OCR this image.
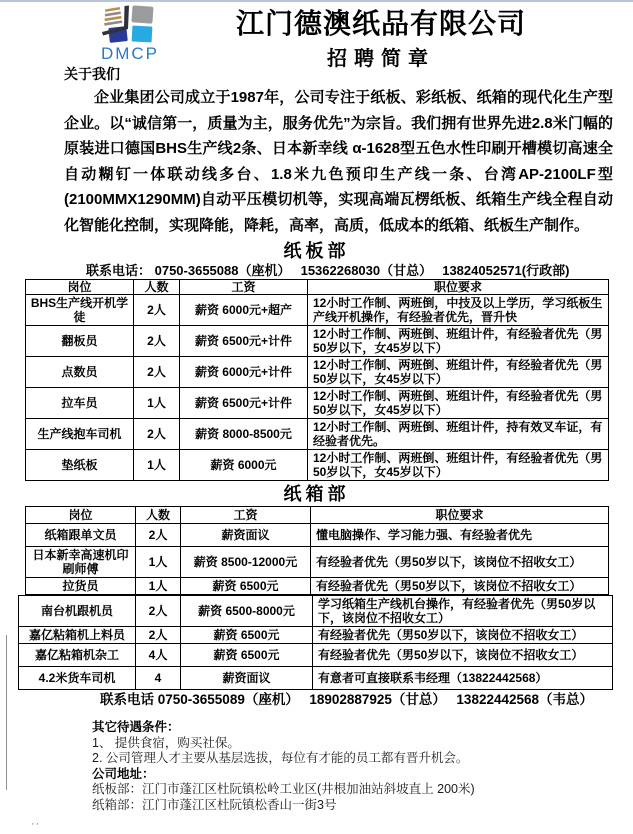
DMCP
江门德澳纸品有限公司
招聘简章
关于我们
企业集团公司成立于1987年，公司专注于纸板、彩纸板、纸箱的现代化生产型企业。以“诚信第一，质量为主，服务优先”为宗旨。我们拥有世界先进2.8米门幅的原装进口德国BHS生产线2条、日本新幸线 α-1628型五色水性印刷开槽模切高速全自动糊钉一体联动线多台、1.8米九色预印生产线一条、台湾AP-2100LF型(2100MMX1290MM)自动平压模切机等，实现高端瓦楞纸板、纸箱生产线全程自动化智能化控制，实现降能，降耗，高率，高质，低成本的纸箱、纸板生产制作。
纸板部
联系电话： 0750-3655088（座机）　 15362268030（甘总）　 13824052571(行政部)
岗位	人数	工资	职位要求
BHS生产线开机学徒	2人	薪资 6000元+超产	12小时工作制、两班倒，中技及以上学历，学习纸板生产线开机操作，有经验者优先，晋升快
翻板员	2人	薪资 6500元+计件	12小时工作制、两班倒、班组计件，有经验者优先（男50岁以下，女45岁以下）
点数员	2人	薪资 6000元+计件	12小时工作制、两班倒、班组计件，有经验者优先（男50岁以下，女45岁以下）
拉车员	1人	薪资 6500元+计件	12小时工作制、两班倒、班组计件，有经验者优先（男50岁以下，女45岁以下）
生产线抱车司机	2人	薪资 8000-8500元	12小时工作制、两班倒、班组计件，持有效叉车证，有经验者优先。
垫纸板	1人	薪资 6000元	12小时工作制、两班倒、班组计件，有经验者优先（男50岁以下，女45岁以下）
纸箱部
岗位	人数	工资	职位要求
纸箱跟单文员	2人	薪资面议	懂电脑操作、学习能力强、有经验者优先
日本新幸高速机印刷师傅	1人	薪资 8500-12000元	有经验者优先（男50岁以下，该岗位不招收女工）
拉货员	1人	薪资 6500元	有经验者优先（男50岁以下，该岗位不招收女工）
南台机跟机员	2人	薪资 6500-8000元	学习纸箱生产线机台操作，有经验者优先（男50岁以下，该岗位不招收女工）
嘉亿粘箱机上料员	2人	薪资 6500元	有经验者优先（男50岁以下，该岗位不招收女工）
嘉亿粘箱机杂工	4人	薪资 6500元	有经验者优先（男50岁以下，该岗位不招收女工）
4.2米货车司机	4	薪资面议	有意者可直接联系韦经理（13822442568）
联系电话 0750-3655089（座机）　 18902887925（甘总）　 13822442568（韦总）
其它待遇条件：
1、 提供食宿，购买社保。
2. 公司管理人才主要从基层选拔，每位有才能的员工都有晋升机会。
公司地址：
纸板部：江门市蓬江区杜阮镇松岭工业区(井根加油站斜坡直上 200米)
纸箱部：江门市蓬江区杜阮镇松香山一街3号
··
